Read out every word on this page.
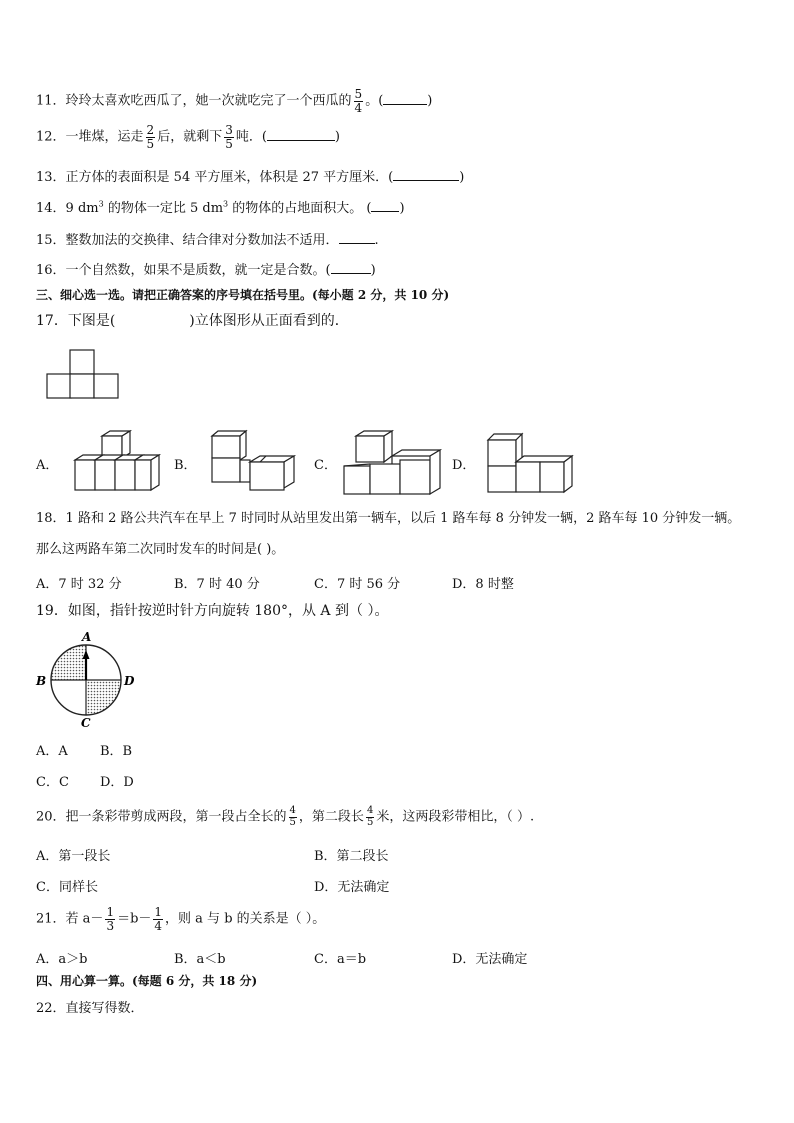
11．玲玲太喜欢吃西瓜了，她一次就吃完了一个西瓜的 $\frac{5}{4}$ 。(	)
12．一堆煤，运走 $\frac{2}{5}$ 后，就剩下 $\frac{3}{5}$ 吨．(	)
13．正方体的表面积是 54 平方厘米，体积是 27 平方厘米．(	)
14．9 $dm^3$ 的物体一定比 5 $dm^3$ 的物体的占地面积大。 ( )
15．整数加法的交换律、结合律对分数加法不适用．	.
16．一个自然数，如果不是质数，就一定是合数。(	)
三、细心选一选。请把正确答案的序号填在括号里。(每小题 2 分，共 10 分)
17．下图是(	)立体图形从正面看到的．
A．	B．	C．	D．
18．1 路和 2 路公共汽车在早上 7 时同时从站里发出第一辆车，以后 1 路车每 8 分钟发一辆，2 路车每 10 分钟发一辆。
那么这两路车第二次同时发车的时间是( )。
A．7 时 32 分	B．7 时 40 分	C．7 时 56 分	D．8 时整
19．如图，指针按逆时针方向旋转 180°，从 A 到（ ）。
A
B
C
D
A．A B．B
C．C D．D
20．把一条彩带剪成两段，第一段占全长的 $\frac{4}{5}$ ，第二段长 $\frac{4}{5}$ 米，这两段彩带相比，（ ）.
A．第一段长	B．第二段长
C．同样长	D．无法确定
21．若 $a- \frac{1}{3} =b- \frac{1}{4}$ ，则 a 与 b 的关系是（ ）。
A．a＞b	B．a＜b	C．a＝b	D．无法确定
四、用心算一算。(每题 6 分，共 18 分)
22．直接写得数．
